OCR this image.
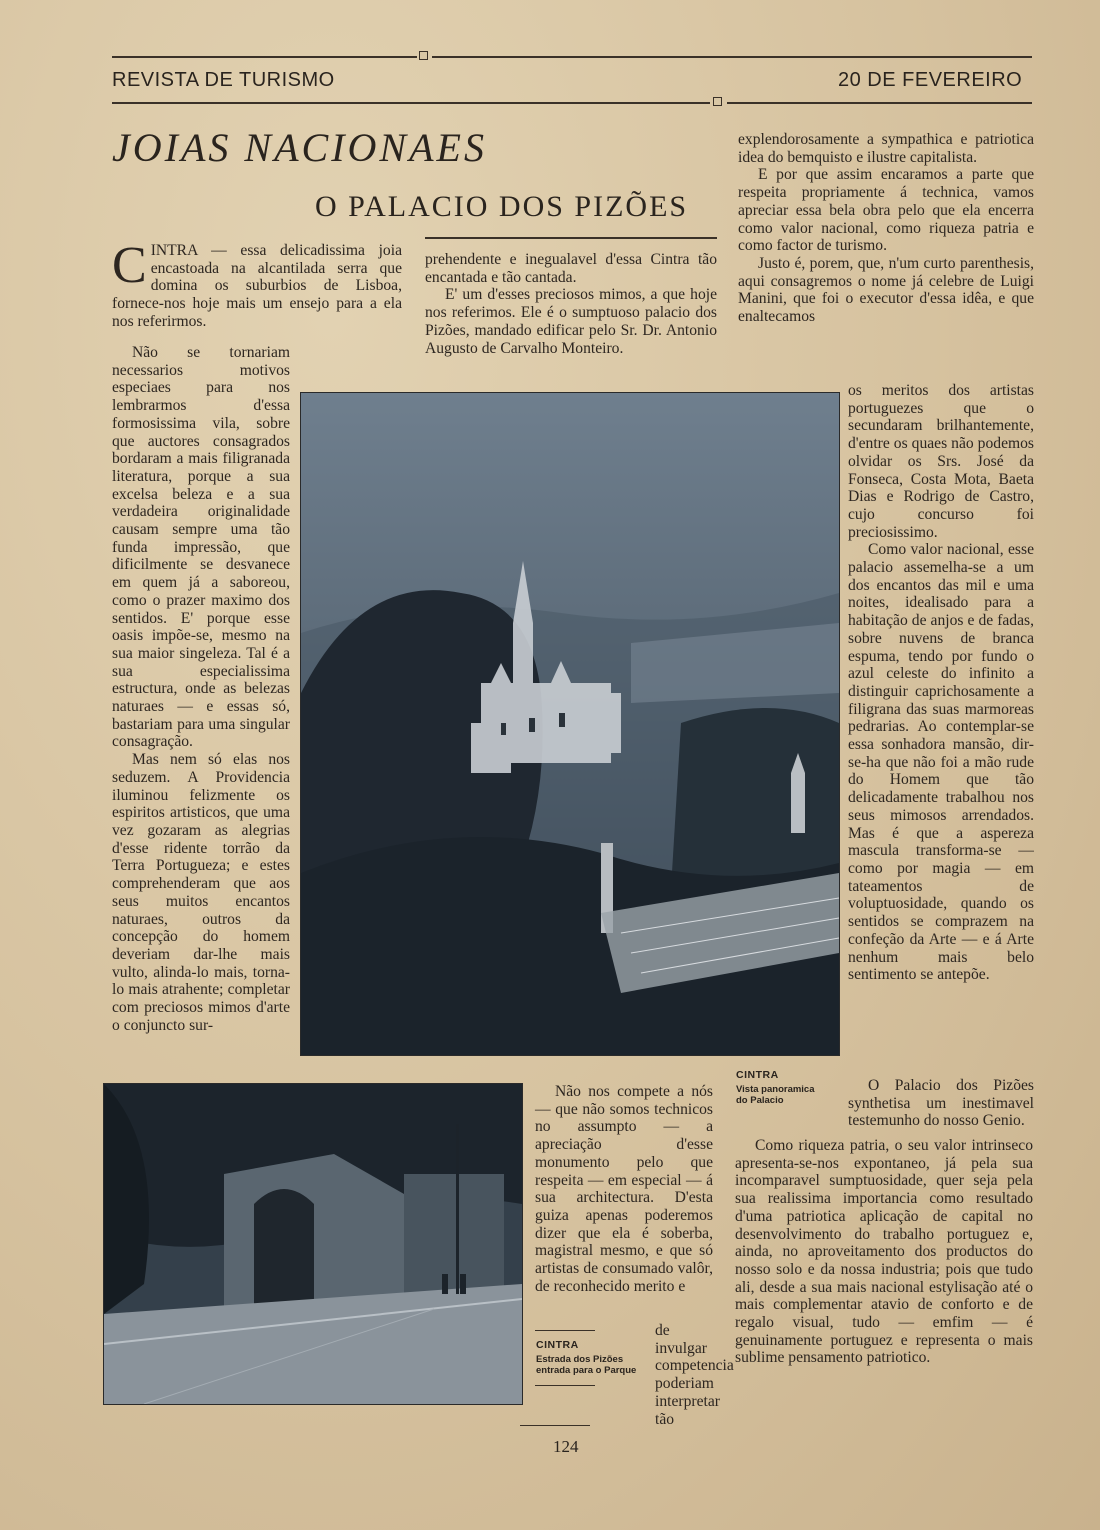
REVISTA DE TURISMO	20 DE FEVEREIRO
JOIAS NACIONAES
O PALACIO DOS PIZÕES

CINTRA — essa delicadissima joia encastoada na alcantilada serra que domina os suburbios de Lisboa, fornece-nos hoje mais um ensejo para a ela nos referirmos.

Não se tornariam necessarios motivos especiaes para nos lembrarmos d'essa formosissima vila, sobre que auctores consagrados bordaram a mais filigranada literatura, porque a sua excelsa beleza e a sua verdadeira originalidade causam sempre uma tão funda impressão, que dificilmente se desvanece em quem já a saboreou, como o prazer maximo dos sentidos. E' porque esse oasis impõe-se, mesmo na sua maior singeleza. Tal é a sua especialissima estructura, onde as belezas naturaes — e essas só, bastariam para uma singular consagração.

Mas nem só elas nos seduzem. A Providencia iluminou felizmente os espiritos artisticos, que uma vez gozaram as alegrias d'esse ridente torrão da Terra Portugueza; e estes comprehenderam que aos seus muitos encantos naturaes, outros da concepção do homem deveriam dar-lhe mais vulto, alinda-lo mais, torna-lo mais atrahente; completar com preciosos mimos d'arte o conjuncto sur-

prehendente e inegualavel d'essa Cintra tão encantada e tão cantada.

E' um d'esses preciosos mimos, a que hoje nos referimos. Ele é o sumptuoso palacio dos Pizões, mandado edificar pelo Sr. Dr. Antonio Augusto de Carvalho Monteiro.

Não nos compete a nós — que não somos technicos no assumpto — a apreciação d'esse monumento pelo que respeita — em especial — á sua architectura. D'esta guiza apenas poderemos dizer que ela é soberba, magistral mesmo, e que só artistas de consumado valôr, de reconhecido merito e

de invulgar competencia poderiam interpretar tão

CINTRA
Vista panoramica
do Palacio
CINTRA
Estrada dos Pizões
entrada para o Parque

explendorosamente a sympathica e patriotica idea do bemquisto e ilustre capitalista.

E por que assim encaramos a parte que respeita propriamente á technica, vamos apreciar essa bela obra pelo que ela encerra como valor nacional, como riqueza patria e como factor de turismo.

Justo é, porem, que, n'um curto parenthesis, aqui consagremos o nome já celebre de Luigi Manini, que foi o executor d'essa idêa, e que enaltecamos

os meritos dos artistas portuguezes que o secundaram brilhantemente, d'entre os quaes não podemos olvidar os Srs. José da Fonseca, Costa Mota, Baeta Dias e Rodrigo de Castro, cujo concurso foi preciosissimo.

Como valor nacional, esse palacio assemelha-se a um dos encantos das mil e uma noites, idealisado para a habitação de anjos e de fadas, sobre nuvens de branca espuma, tendo por fundo o azul celeste do infinito a distinguir caprichosamente a filigrana das suas marmoreas pedrarias. Ao contemplar-se essa sonhadora mansão, dir-se-ha que não foi a mão rude do Homem que tão delicadamente trabalhou nos seus mimosos arrendados. Mas é que a aspereza mascula transforma-se — como por magia — em tateamentos de voluptuosidade, quando os sentidos se comprazem na confeção da Arte — e á Arte nenhum mais belo sentimento se antepõe.

O Palacio dos Pizões synthetisa um inestimavel testemunho do nosso Genio.

Como riqueza patria, o seu valor intrinseco apresenta-se-nos expontaneo, já pela sua incomparavel sumptuosidade, quer seja pela sua realissima importancia como resultado d'uma patriotica aplicação de capital no desenvolvimento do trabalho portuguez e, ainda, no aproveitamento dos productos do nosso solo e da nossa industria; pois que tudo ali, desde a sua mais nacional estylisação até o mais complementar atavio de conforto e de regalo visual, tudo — emfim — é genuinamente portuguez e representa o mais sublime pensamento patriotico.

124
